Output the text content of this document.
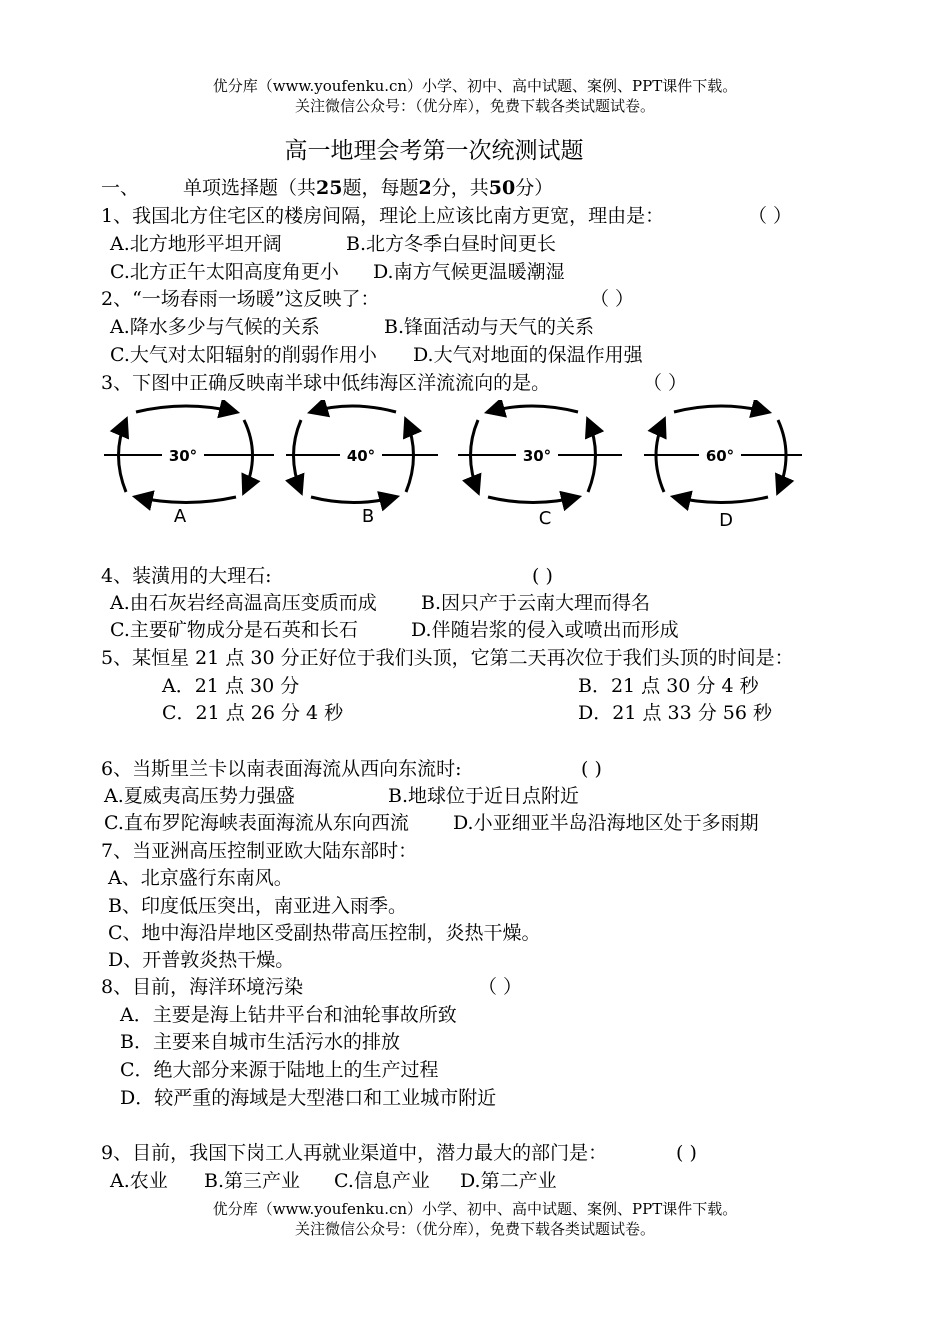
优分库（www.youfenku.cn）小学、初中、高中试题、案例、PPT课件下载。
关注微信公众号：（优分库），免费下载各类试题试卷。
高一地理会考第一次统测试题
一、 单项选择题（共25题，每题2分，共50分）
1、我国北方住宅区的楼房间隔，理论上应该比南方更宽，理由是：	（ ）
A.北方地形平坦开阔	B.北方冬季白昼时间更长
C.北方正午太阳高度角更小 D.南方气候更温暖潮湿
2、“一场春雨一场暖”这反映了：	（ ）
A.降水多少与气候的关系	B.锋面活动与天气的关系
C.大气对太阳辐射的削弱作用小 D.大气对地面的保温作用强
3、下图中正确反映南半球中低纬海区洋流流向的是。	（ ）
30°
A
40°
B
30°
C
60°
D
4、装潢用的大理石:	( )
A.由石灰岩经高温高压变质而成 B.因只产于云南大理而得名
C.主要矿物成分是石英和长石	D.伴随岩浆的侵入或喷出而形成
5、某恒星 21 点 30 分正好位于我们头顶，它第二天再次位于我们头顶的时间是：
A．21 点 30 分	B．21 点 30 分 4 秒
C．21 点 26 分 4 秒	D．21 点 33 分 56 秒
6、当斯里兰卡以南表面海流从西向东流时:	( )
A.夏威夷高压势力强盛	B.地球位于近日点附近
C.直布罗陀海峡表面海流从东向西流 D.小亚细亚半岛沿海地区处于多雨期
7、当亚洲高压控制亚欧大陆东部时：
A、北京盛行东南风。
B、印度低压突出，南亚进入雨季。
C、地中海沿岸地区受副热带高压控制，炎热干燥。
D、开普敦炎热干燥。
8、目前，海洋环境污染	（ ）
A．主要是海上钻井平台和油轮事故所致
B．主要来自城市生活污水的排放
C．绝大部分来源于陆地上的生产过程
D．较严重的海域是大型港口和工业城市附近
9、目前，我国下岗工人再就业渠道中，潜力最大的部门是：	( )
A.农业 B.第三产业 C.信息产业 D.第二产业
优分库（www.youfenku.cn）小学、初中、高中试题、案例、PPT课件下载。
关注微信公众号：（优分库），免费下载各类试题试卷。
